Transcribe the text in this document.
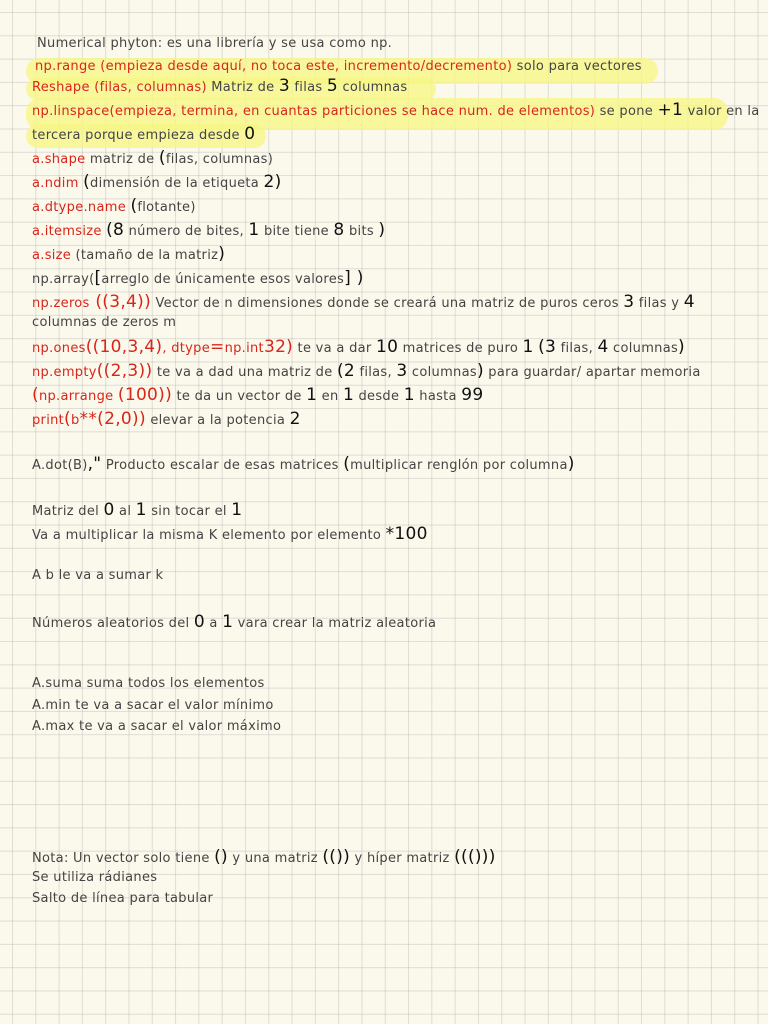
Numerical phyton: es una librería y se usa como np.
np.range (empieza desde aquí, no toca este, incremento/decremento) solo para vectores
Reshape (filas, columnas) Matriz de 3 filas 5 columnas
np.linspace(empieza, termina, en cuantas particiones se hace num. de elementos) se pone +1 valor en la
tercera porque empieza desde 0
a.shape matriz de (filas, columnas)
a.ndim (dimensión de la etiqueta 2)
a.dtype.name (flotante)
a.itemsize (8 número de bites, 1 bite tiene 8 bits )
a.size (tamaño de la matriz)
np.array([arreglo de únicamente esos valores] )
np.zeros ((3,4)) Vector de n dimensiones donde se creará una matriz de puros ceros 3 filas y 4
columnas de zeros m
np.ones((10,3,4), dtype=np.int32) te va a dar 10 matrices de puro 1 (3 filas, 4 columnas)
np.empty((2,3)) te va a dad una matriz de (2 filas, 3 columnas) para guardar/ apartar memoria
(np.arrange (100)) te da un vector de 1 en 1 desde 1 hasta 99
print(b**(2,0)) elevar a la potencia 2
A.dot(B)," Producto escalar de esas matrices (multiplicar renglón por columna)
Matriz del 0 al 1 sin tocar el 1
Va a multiplicar la misma K elemento por elemento *100
A b le va a sumar k
Números aleatorios del 0 a 1 vara crear la matriz aleatoria
A.suma suma todos los elementos
A.min te va a sacar el valor mínimo
A.max te va a sacar el valor máximo
Nota: Un vector solo tiene () y una matriz (()) y híper matriz ((()))
Se utiliza rádianes
Salto de línea para tabular
